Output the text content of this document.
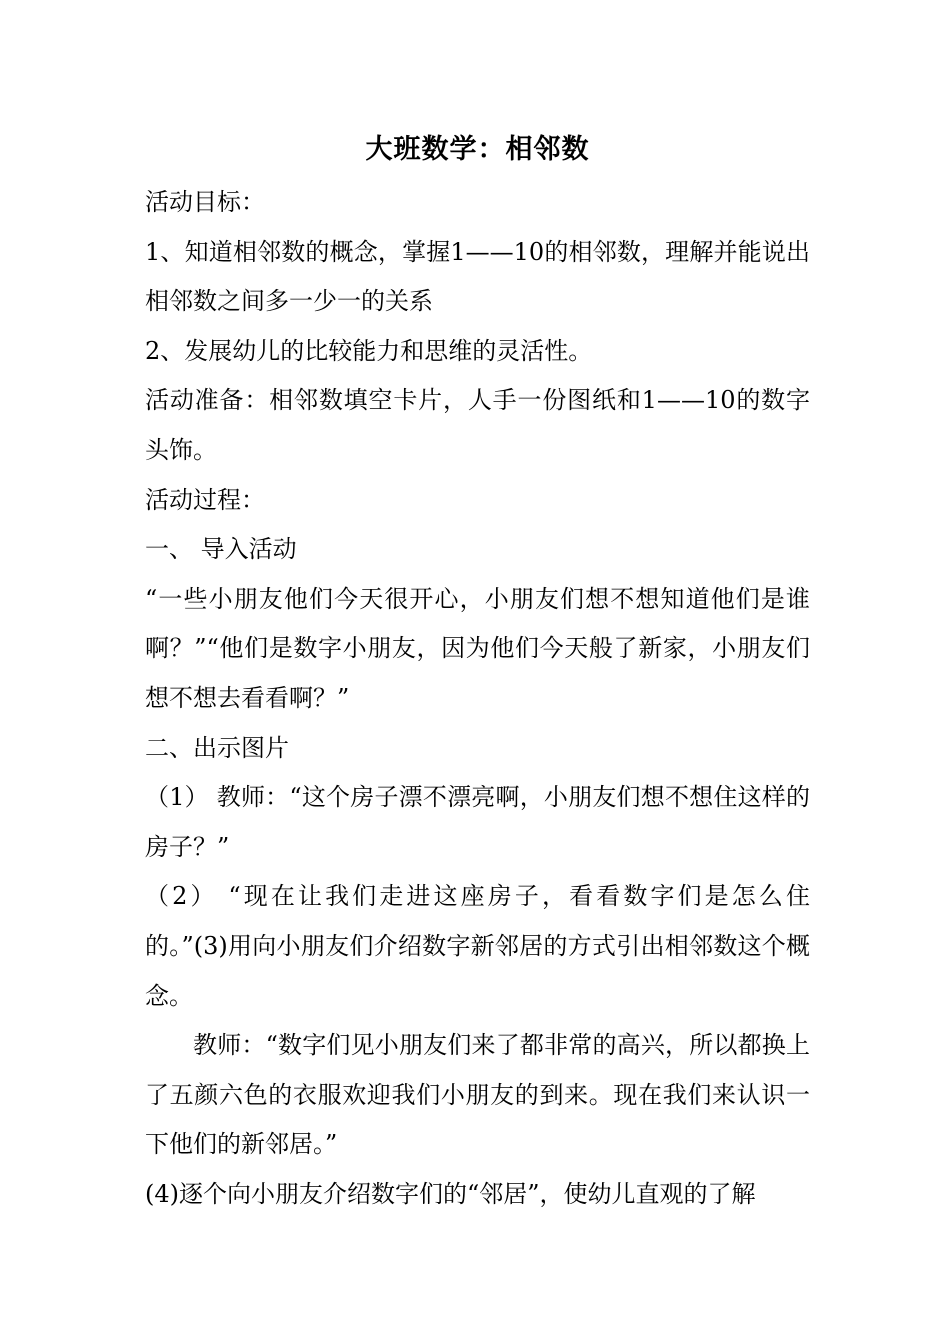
大班数学：相邻数

活动目标：

1、知道相邻数的概念，掌握1——10的相邻数，理解并能说出相邻数之间多一少一的关系

2、发展幼儿的比较能力和思维的灵活性。

活动准备：相邻数填空卡片，人手一份图纸和1——10的数字头饰。

活动过程：

一、 导入活动

“一些小朋友他们今天很开心，小朋友们想不想知道他们是谁啊？”“他们是数字小朋友，因为他们今天般了新家，小朋友们想不想去看看啊？”

二、出示图片

（1） 教师：“这个房子漂不漂亮啊，小朋友们想不想住这样的房子？”

（2） “现在让我们走进这座房子，看看数字们是怎么住的。”(3)用向小朋友们介绍数字新邻居的方式引出相邻数这个概念。

教师：“数字们见小朋友们来了都非常的高兴，所以都换上了五颜六色的衣服欢迎我们小朋友的到来。现在我们来认识一下他们的新邻居。”

(4)逐个向小朋友介绍数字们的“邻居”，使幼儿直观的了解
